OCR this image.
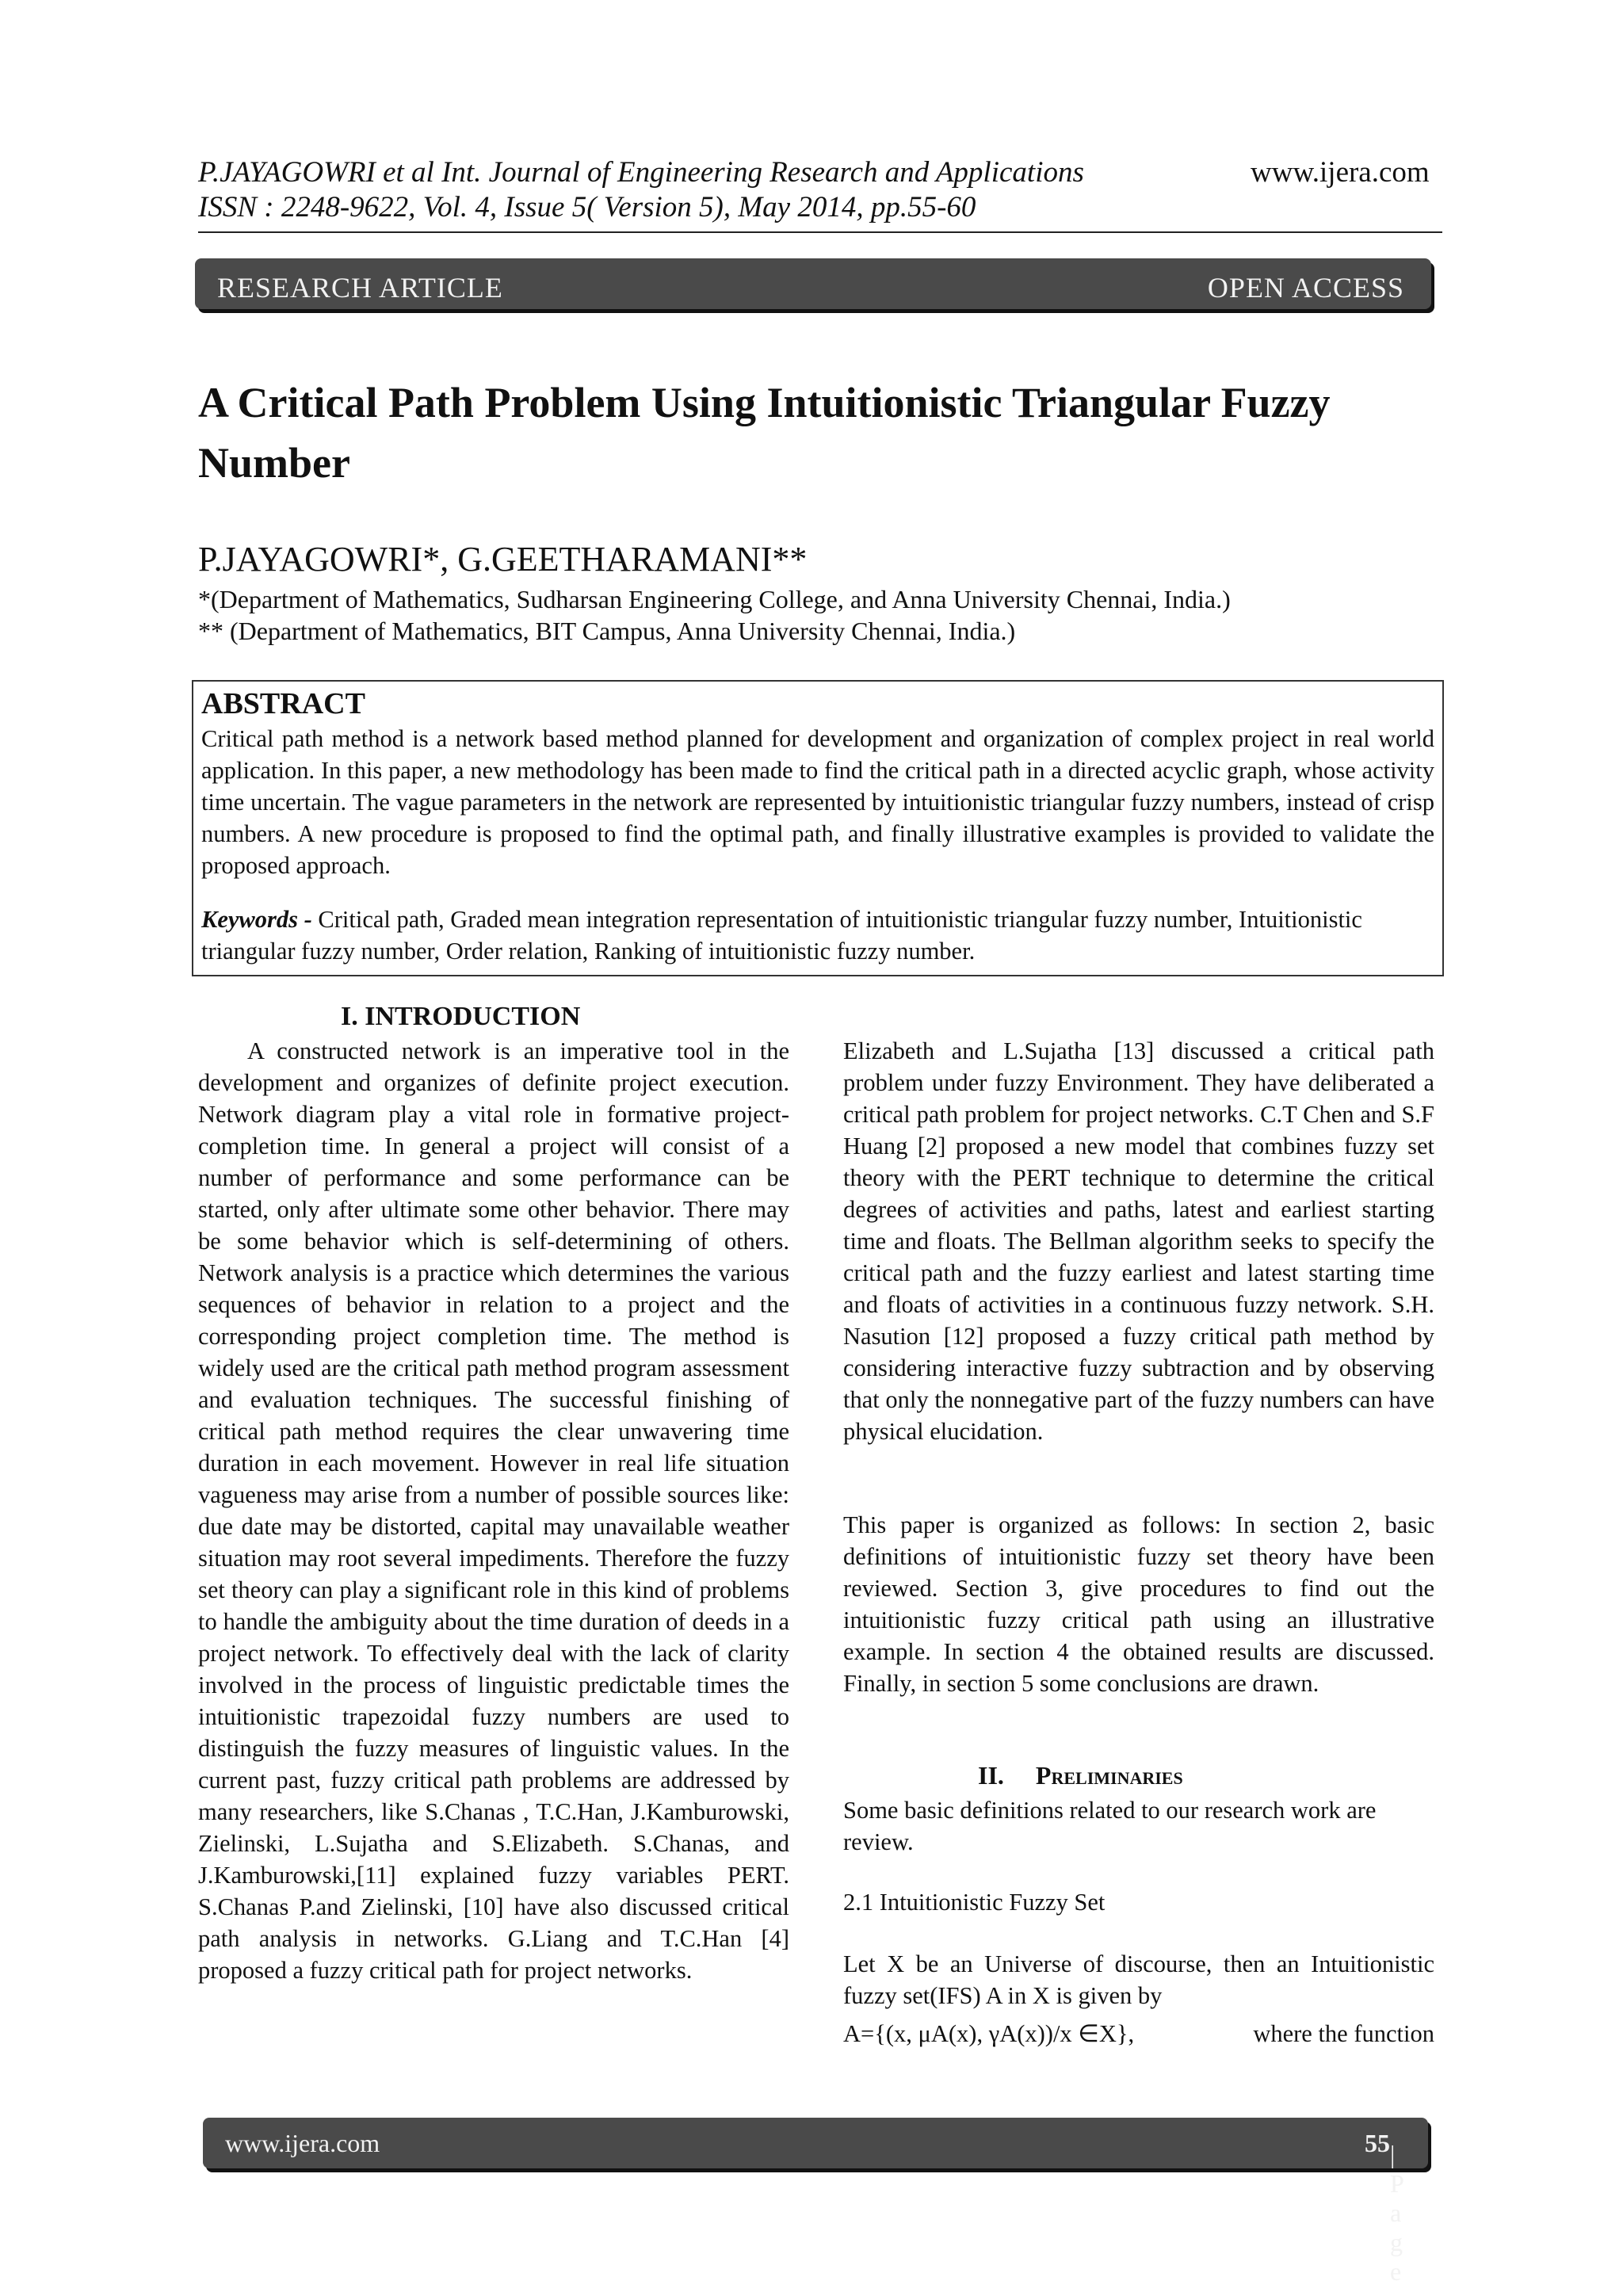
P.JAYAGOWRI et al Int. Journal of Engineering Research and Applications	www.ijera.com
ISSN : 2248-9622, Vol. 4, Issue 5( Version 5), May 2014, pp.55-60
RESEARCH ARTICLE	OPEN ACCESS
A Critical Path Problem Using Intuitionistic Triangular Fuzzy Number
P.JAYAGOWRI*, G.GEETHARAMANI**
*(Department of Mathematics, Sudharsan Engineering College, and Anna University Chennai, India.)
** (Department of Mathematics, BIT Campus, Anna University Chennai, India.)
ABSTRACT
Critical path method is a network based method planned for development and organization of complex project in real world application. In this paper, a new methodology has been made to find the critical path in a directed acyclic graph, whose activity time uncertain. The vague parameters in the network are represented by intuitionistic triangular fuzzy numbers, instead of crisp numbers. A new procedure is proposed to find the optimal path, and finally illustrative examples is provided to validate the proposed approach.
Keywords - Critical path, Graded mean integration representation of intuitionistic triangular fuzzy number, Intuitionistic triangular fuzzy number, Order relation, Ranking of intuitionistic fuzzy number.
I. INTRODUCTION
A constructed network is an imperative tool in the development and organizes of definite project execution. Network diagram play a vital role in formative project-completion time. In general a project will consist of a number of performance and some performance can be started, only after ultimate some other behavior. There may be some behavior which is self-determining of others. Network analysis is a practice which determines the various sequences of behavior in relation to a project and the corresponding project completion time. The method is widely used are the critical path method program assessment and evaluation techniques. The successful finishing of critical path method requires the clear unwavering time duration in each movement. However in real life situation vagueness may arise from a number of possible sources like: due date may be distorted, capital may unavailable weather situation may root several impediments. Therefore the fuzzy set theory can play a significant role in this kind of problems to handle the ambiguity about the time duration of deeds in a project network. To effectively deal with the lack of clarity involved in the process of linguistic predictable times the intuitionistic trapezoidal fuzzy numbers are used to distinguish the fuzzy measures of linguistic values. In the current past, fuzzy critical path problems are addressed by many researchers, like S.Chanas , T.C.Han, J.Kamburowski, Zielinski, L.Sujatha and S.Elizabeth. S.Chanas, and J.Kamburowski,[11] explained fuzzy variables PERT. S.Chanas P.and Zielinski, [10] have also discussed critical path analysis in networks. G.Liang and T.C.Han [4] proposed a fuzzy critical path for project networks.
Elizabeth and L.Sujatha [13] discussed a critical path problem under fuzzy Environment. They have deliberated a critical path problem for project networks. C.T Chen and S.F Huang [2] proposed a new model that combines fuzzy set theory with the PERT technique to determine the critical degrees of activities and paths, latest and earliest starting time and floats. The Bellman algorithm seeks to specify the critical path and the fuzzy earliest and latest starting time and floats of activities in a continuous fuzzy network. S.H. Nasution [12] proposed a fuzzy critical path method by considering interactive fuzzy subtraction and by observing that only the nonnegative part of the fuzzy numbers can have physical elucidation.
This paper is organized as follows: In section 2, basic definitions of intuitionistic fuzzy set theory have been reviewed. Section 3, give procedures to find out the intuitionistic fuzzy critical path using an illustrative example. In section 4 the obtained results are discussed. Finally, in section 5 some conclusions are drawn.
II. Preliminaries
Some basic definitions related to our research work are review.
2.1 Intuitionistic Fuzzy Set
Let X be an Universe of discourse, then an Intuitionistic fuzzy set(IFS) A in X is given by
A={(x, μA(x), γA(x))/x ∈X},	where the function
www.ijera.com	55 | P a g e
